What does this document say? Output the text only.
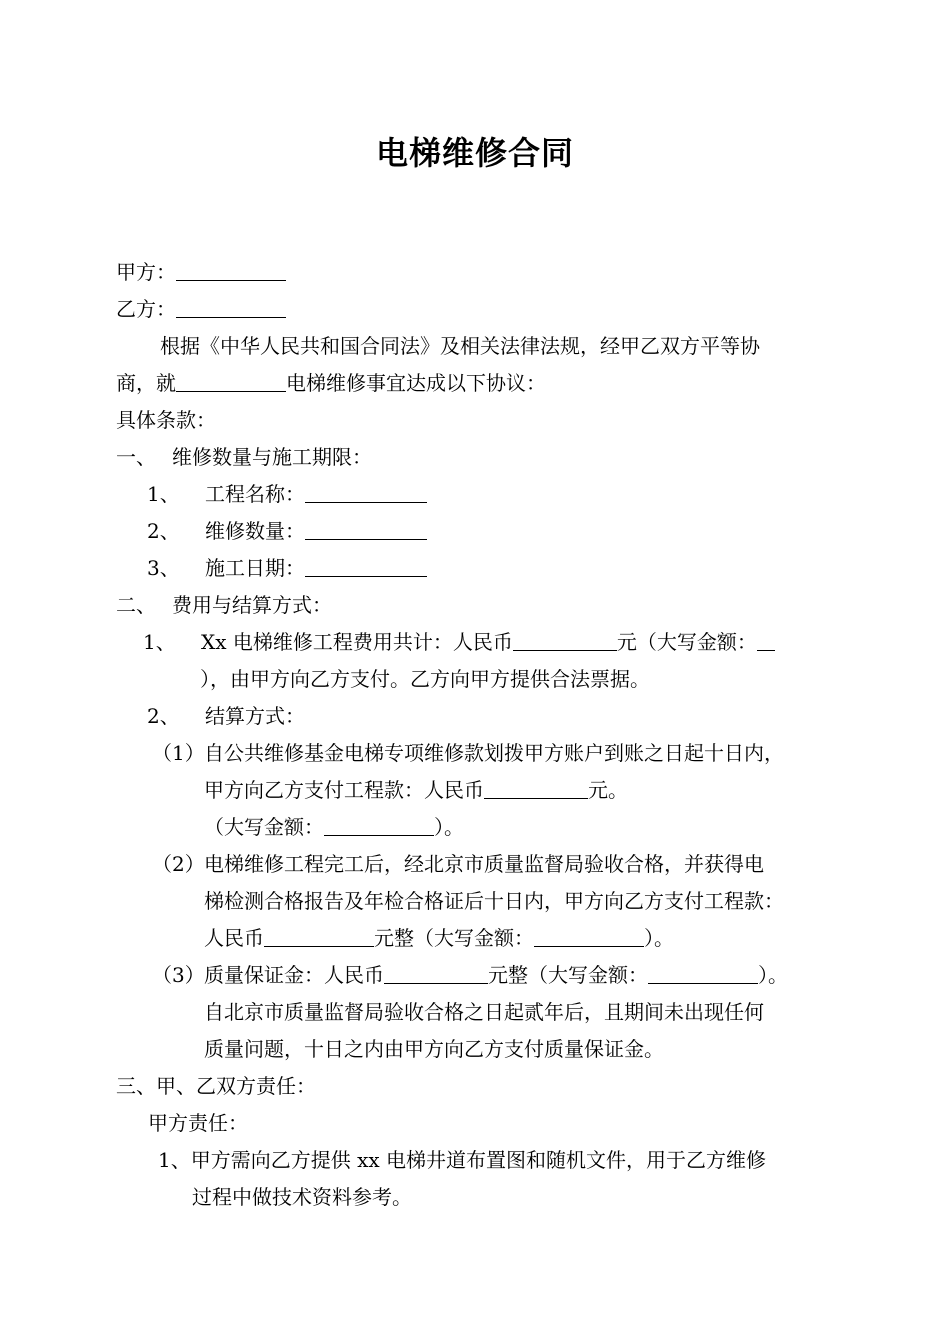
电梯维修合同
甲方：
乙方：
根据《中华人民共和国合同法》及相关法律法规，经甲乙双方平等协
商，就	电梯维修事宜达成以下协议：
具体条款：
一、 维修数量与施工期限：
1、 工程名称：
2、 维修数量：
3、 施工日期：
二、 费用与结算方式：
1、 Xx 电梯维修工程费用共计：人民币	元（大写金额：
），由甲方向乙方支付。乙方向甲方提供合法票据。
2、 结算方式：
（1）自公共维修基金电梯专项维修款划拨甲方账户到账之日起十日内，
甲方向乙方支付工程款：人民币	元。
（大写金额：	）。
（2）电梯维修工程完工后，经北京市质量监督局验收合格，并获得电
梯检测合格报告及年检合格证后十日内，甲方向乙方支付工程款：
人民币	元整（大写金额：	）。
（3）质量保证金：人民币	元整（大写金额：	）。
自北京市质量监督局验收合格之日起贰年后，且期间未出现任何
质量问题，十日之内由甲方向乙方支付质量保证金。
三、甲、乙双方责任：
甲方责任：
1、甲方需向乙方提供 xx 电梯井道布置图和随机文件，用于乙方维修
过程中做技术资料参考。
